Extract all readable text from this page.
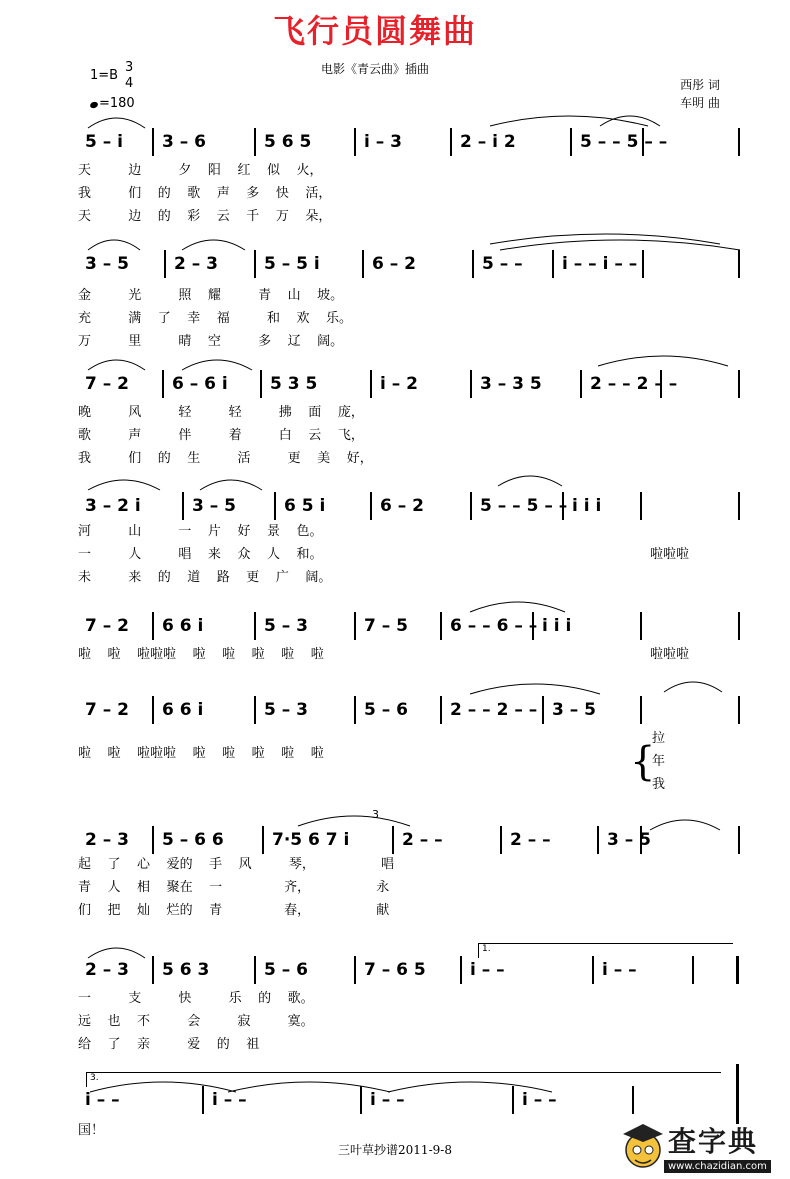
飞行员圆舞曲
电影《青云曲》插曲
1=B
3
4
=180
西彤 词
车明 曲
5 – i 3 – 6	5 6 5	i – 3	2 – i 2	5 – – 5 – –
天         边         夕    阳    红    似    火，
我         们    的    歌    声    多    快    活，
天         边    的    彩    云    千    万    朵，
3 – 5	2 – 3	5 – 5 i	6 – 2	5 – – i – – i – –
金         光         照    耀         青    山    坡。
充         满    了    幸    福         和    欢    乐。
万         里         晴    空         多    辽    阔。
7 – 2	6 – 6 i 5 3 5	i – 2	3 – 3 5	2 – – 2 – –
晚         风         轻         轻         拂    面    庞，
歌         声         伴         着         白    云    飞，
我         们    的    生         活         更    美    好，
3 – 2 i	3 – 5	6 5 i	6 – 2	5 – – 5 – – i i i
河         山         一    片    好    景    色。
一         人         唱    来    众    人    和。
未         来    的    道    路    更    广    阔。
啦啦啦
7 – 2 6 6 i	5 – 3	7 – 5 6 – – 6 – – i i i
啦    啦    啦啦啦    啦    啦    啦    啦    啦	啦啦啦
7 – 2 6 6 i	5 – 3	5 – 6 2 – – 2 – – 3 – 5
啦    啦    啦啦啦    啦    啦    啦    啦    啦
拉
年
我
{
2 – 3 5 – 6 6	7·5 6 7 i	2 – –	2 – –	3 – 5
起    了    心    爱的    手    风         琴，                唱
青    人    相    聚在    一               齐，                永
们    把    灿    烂的    青               春，                献
3
2 – 3 5 6 3	5 – 6	7 – 6 5	i – –	i – –
一         支         快         乐    的    歌。
远    也    不         会         寂         寞。
给    了    亲         爱    的    祖
1.
i – –	i – –	i – –	i – –
国！
3.
三叶草抄谱2011-9-8	查字典
www.chazidian.com
